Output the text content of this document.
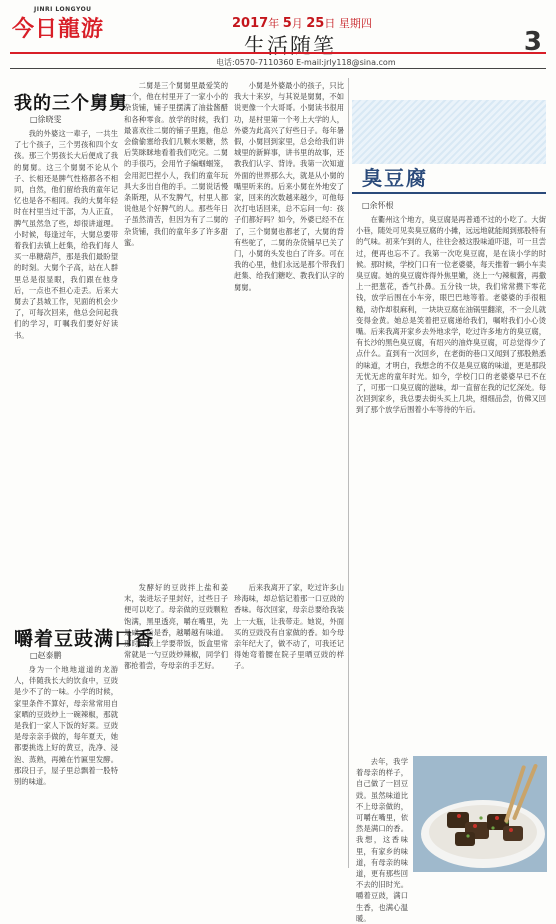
JINRI LONGYOU
今日龍游	2017年 5月 25日 星期四
生活随笔
电话:0570-7110360 E-mail:jrly118@sina.com
3
我的三个舅舅
□徐晓雯

我的外婆这一辈子，一共生了七个孩子，三个男孩和四个女孩。那三个男孩长大后便成了我的舅舅。这三个舅舅不论从个子、长相还是脾气性格都各不相同，自然，他们留给我的童年记忆也是各不相同。我的大舅年轻时在村里当过干部，为人正直，脾气虽然急了些，却很讲道理。小时候，每逢过年，大舅总要带着我们去镇上赶集，给我们每人买一串糖葫芦，那是我们最盼望的时刻。大舅个子高，站在人群里总是很显眼，我们跟在他身后，一点也不担心走丢。后来大舅去了县城工作，见面的机会少了，可每次回来，他总会问起我们的学习，叮嘱我们要好好读书。

二舅是三个舅舅里最爱笑的一个，他在村里开了一家小小的杂货铺，铺子里摆满了油盐酱醋和各种零食。放学的时候，我们最喜欢往二舅的铺子里跑，他总会偷偷塞给我们几颗水果糖，然后笑眯眯地看着我们吃完。二舅的手很巧，会用竹子编蝈蝈笼，会用泥巴捏小人，我们的童年玩具大多出自他的手。二舅说话慢条斯理，从不发脾气，村里人都说他是个好脾气的人。那些年日子虽然清苦，但因为有了二舅的杂货铺，我们的童年多了许多甜蜜。

小舅是外婆最小的孩子，只比我大十来岁，与其说是舅舅，不如说更像一个大哥哥。小舅读书很用功，是村里第一个考上大学的人，外婆为此高兴了好些日子。每年暑假，小舅回到家里，总会给我们讲城里的新鲜事，讲书里的故事，还教我们认字、背诗。我第一次知道外面的世界那么大，就是从小舅的嘴里听来的。后来小舅在外地安了家，回来的次数越来越少，可他每次打电话回来，总不忘问一句：孩子们都好吗？如今，外婆已经不在了，三个舅舅也都老了，大舅的背有些驼了，二舅的杂货铺早已关了门，小舅的头发也白了许多。可在我的心里，他们永远是那个带我们赶集、给我们糖吃、教我们认字的舅舅。

臭豆腐
□余怀根

在衢州这个地方，臭豆腐是再普通不过的小吃了。大街小巷，随处可见卖臭豆腐的小摊，远远地就能闻到那股特有的气味。初来乍到的人，往往会被这股味道吓退，可一旦尝过，便再也忘不了。我第一次吃臭豆腐，是在读小学的时候。那时候，学校门口有一位老婆婆，每天推着一辆小车卖臭豆腐。她的臭豆腐炸得外焦里嫩，浇上一勺辣椒酱，再撒上一把葱花，香气扑鼻。五分钱一块，我们常常攒下零花钱，放学后围在小车旁，眼巴巴地等着。老婆婆的手很粗糙，动作却很麻利，一块块豆腐在油锅里翻滚，不一会儿就变得金黄。她总是笑着把豆腐递给我们，嘱咐我们小心烫嘴。后来我离开家乡去外地求学，吃过许多地方的臭豆腐，有长沙的黑色臭豆腐，有绍兴的油炸臭豆腐，可总觉得少了点什么。直到有一次回乡，在老街的巷口又闻到了那股熟悉的味道，才明白，我想念的不仅是臭豆腐的味道，更是那段无忧无虑的童年时光。如今，学校门口的老婆婆早已不在了，可那一口臭豆腐的滋味，却一直留在我的记忆深处。每次回到家乡，我总要去街头买上几块，细细品尝，仿佛又回到了那个放学后围着小车等待的午后。

嚼着豆豉满口香
□赵泰鹏

身为一个地地道道的龙游人，伴随我长大的饮食中，豆豉是少不了的一味。小学的时候，家里条件不算好，母亲常常用自家晒的豆豉炒上一碗辣椒，那就是我们一家人下饭的好菜。豆豉是母亲亲手做的，每年夏天，她都要挑选上好的黄豆，洗净、浸泡、蒸熟，再摊在竹匾里发酵。那段日子，屋子里总飘着一股特别的味道。

发酵好的豆豉拌上盐和姜末，装进坛子里封好，过些日子便可以吃了。母亲做的豆豉颗粒饱满，黑里透亮，嚼在嘴里，先是咸，后是香，越嚼越有味道。那时候我上学要带饭，饭盒里常常就是一勺豆豉炒辣椒，同学们都抢着尝，夸母亲的手艺好。

后来我离开了家，吃过许多山珍海味，却总惦记着那一口豆豉的香味。每次回家，母亲总要给我装上一大瓶，让我带走。她说，外面买的豆豉没有自家做的香。如今母亲年纪大了，做不动了，可我还记得她弯着腰在院子里晒豆豉的样子。

去年，我学着母亲的样子，自己做了一回豆豉。虽然味道比不上母亲做的，可嚼在嘴里，依然是满口的香。我想，这香味里，有家乡的味道，有母亲的味道，更有那些回不去的旧时光。嚼着豆豉，满口生香，也满心温暖。
